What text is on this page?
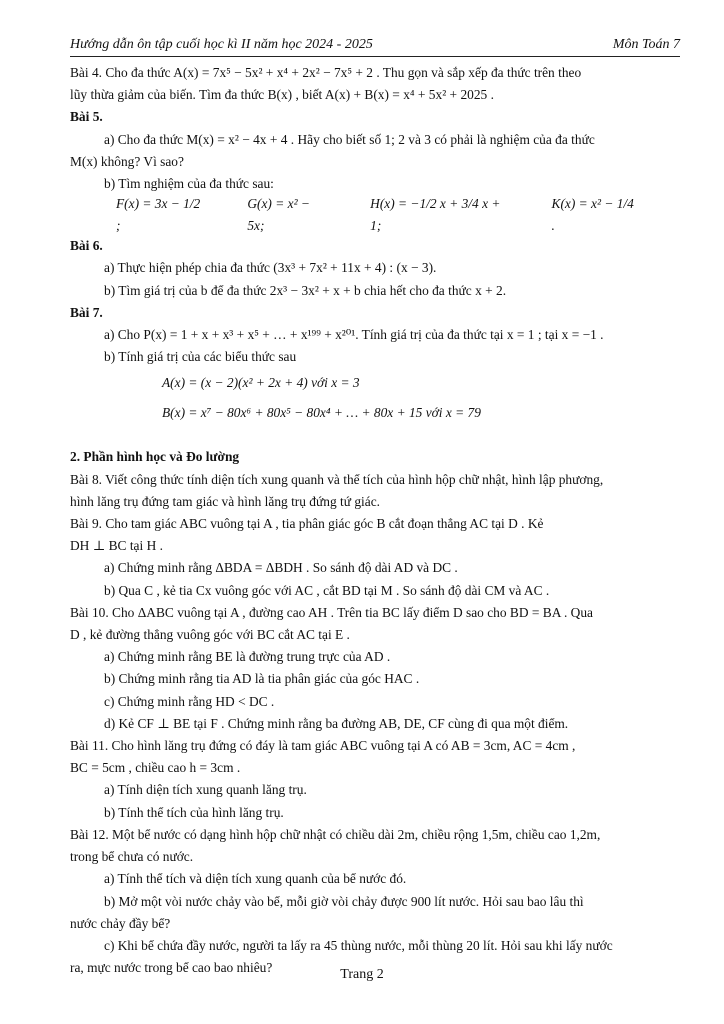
Hướng dẫn ôn tập cuối học kì II năm học 2024 - 2025	Môn Toán 7
Bài 4. Cho đa thức A(x) = 7x⁵ − 5x² + x⁴ + 2x² − 7x⁵ + 2 . Thu gọn và sắp xếp đa thức trên theo
lũy thừa giảm của biến. Tìm đa thức B(x) , biết A(x) + B(x) = x⁴ + 5x² + 2025 .
Bài 5.
a) Cho đa thức M(x) = x² − 4x + 4 . Hãy cho biết số 1; 2 và 3 có phải là nghiệm của đa thức
M(x) không? Vì sao?
b) Tìm nghiệm của đa thức sau:
F(x) = 3x − 1/2 ;
G(x) = x² − 5x;
H(x) = −1/2 x + 3/4 x + 1;
K(x) = x² − 1/4 .
Bài 6.
a) Thực hiện phép chia đa thức (3x³ + 7x² + 11x + 4) : (x − 3).
b) Tìm giá trị của b để đa thức 2x³ − 3x² + x + b chia hết cho đa thức x + 2.
Bài 7.
a) Cho P(x) = 1 + x + x³ + x⁵ + … + x¹⁹⁹ + x²⁰¹. Tính giá trị của đa thức tại x = 1 ; tại x = −1 .
b) Tính giá trị của các biểu thức sau
A(x) = (x − 2)(x² + 2x + 4) với x = 3
B(x) = x⁷ − 80x⁶ + 80x⁵ − 80x⁴ + … + 80x + 15 với x = 79
2. Phần hình học và Đo lường
Bài 8. Viết công thức tính diện tích xung quanh và thể tích của hình hộp chữ nhật, hình lập phương,
hình lăng trụ đứng tam giác và hình lăng trụ đứng tứ giác.
Bài 9. Cho tam giác ABC vuông tại A , tia phân giác góc B cắt đoạn thẳng AC tại D . Kẻ
DH ⊥ BC tại H .
a) Chứng minh rằng ΔBDA = ΔBDH . So sánh độ dài AD và DC .
b) Qua C , kẻ tia Cx vuông góc với AC , cắt BD tại M . So sánh độ dài CM và AC .
Bài 10. Cho ΔABC vuông tại A , đường cao AH . Trên tia BC lấy điểm D sao cho BD = BA . Qua
D , kẻ đường thẳng vuông góc với BC cắt AC tại E .
a) Chứng minh rằng BE là đường trung trực của AD .
b) Chứng minh rằng tia AD là tia phân giác của góc HAC .
c) Chứng minh rằng HD < DC .
d) Kẻ CF ⊥ BE tại F . Chứng minh rằng ba đường AB, DE, CF cùng đi qua một điểm.
Bài 11. Cho hình lăng trụ đứng có đáy là tam giác ABC vuông tại A có AB = 3cm, AC = 4cm ,
BC = 5cm , chiều cao h = 3cm .
a) Tính diện tích xung quanh lăng trụ.
b) Tính thể tích của hình lăng trụ.
Bài 12. Một bể nước có dạng hình hộp chữ nhật có chiều dài 2m, chiều rộng 1,5m, chiều cao 1,2m,
trong bể chưa có nước.
a) Tính thể tích và diện tích xung quanh của bể nước đó.
b) Mở một vòi nước chảy vào bể, mỗi giờ vòi chảy được 900 lít nước. Hỏi sau bao lâu thì
nước chảy đầy bể?
c) Khi bể chứa đầy nước, người ta lấy ra 45 thùng nước, mỗi thùng 20 lít. Hỏi sau khi lấy nước
ra, mực nước trong bể cao bao nhiêu?	Trang 2
